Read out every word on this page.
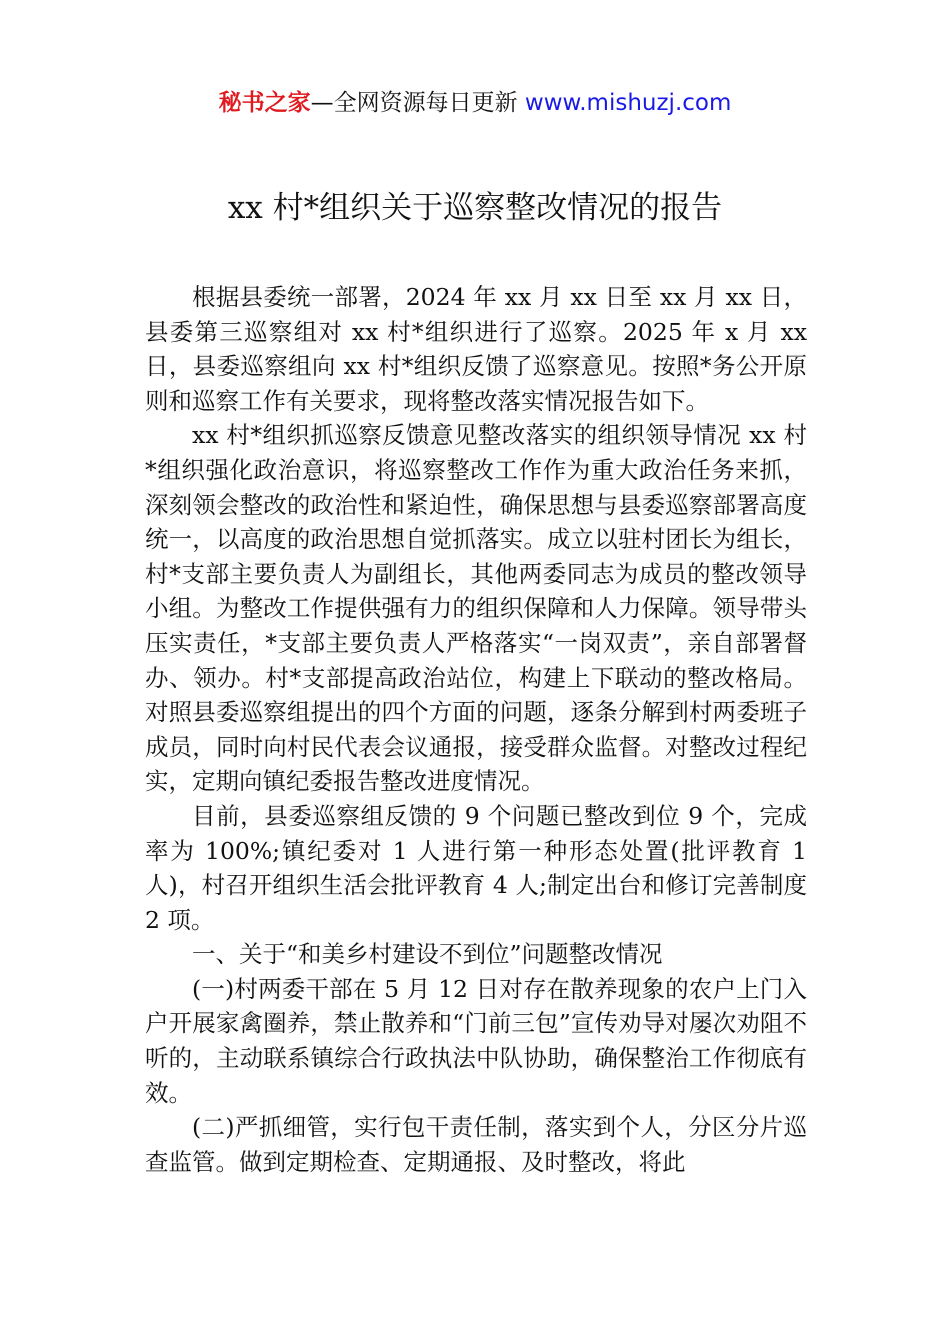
秘书之家—全网资源每日更新 www.mishuzj.com
xx 村*组织关于巡察整改情况的报告

根据县委统一部署，2024 年 xx 月 xx 日至 xx 月 xx 日，县委第三巡察组对 xx 村*组织进行了巡察。2025 年 x 月 xx 日，县委巡察组向 xx 村*组织反馈了巡察意见。按照*务公开原则和巡察工作有关要求，现将整改落实情况报告如下。

xx 村*组织抓巡察反馈意见整改落实的组织领导情况 xx 村*组织强化政治意识，将巡察整改工作作为重大政治任务来抓，深刻领会整改的政治性和紧迫性，确保思想与县委巡察部署高度统一，以高度的政治思想自觉抓落实。成立以驻村团长为组长，村*支部主要负责人为副组长，其他两委同志为成员的整改领导小组。为整改工作提供强有力的组织保障和人力保障。领导带头压实责任，*支部主要负责人严格落实“一岗双责”，亲自部署督办、领办。村*支部提高政治站位，构建上下联动的整改格局。对照县委巡察组提出的四个方面的问题，逐条分解到村两委班子成员，同时向村民代表会议通报，接受群众监督。对整改过程纪实，定期向镇纪委报告整改进度情况。

目前，县委巡察组反馈的 9 个问题已整改到位 9 个，完成率为 100%;镇纪委对 1 人进行第一种形态处置(批评教育 1 人)，村召开组织生活会批评教育 4 人;制定出台和修订完善制度 2 项。

一、关于“和美乡村建设不到位”问题整改情况

(一)村两委干部在 5 月 12 日对存在散养现象的农户上门入户开展家禽圈养，禁止散养和“门前三包”宣传劝导对屡次劝阻不听的，主动联系镇综合行政执法中队协助，确保整治工作彻底有效。

(二)严抓细管，实行包干责任制，落实到个人，分区分片巡查监管。做到定期检查、定期通报、及时整改，将此
